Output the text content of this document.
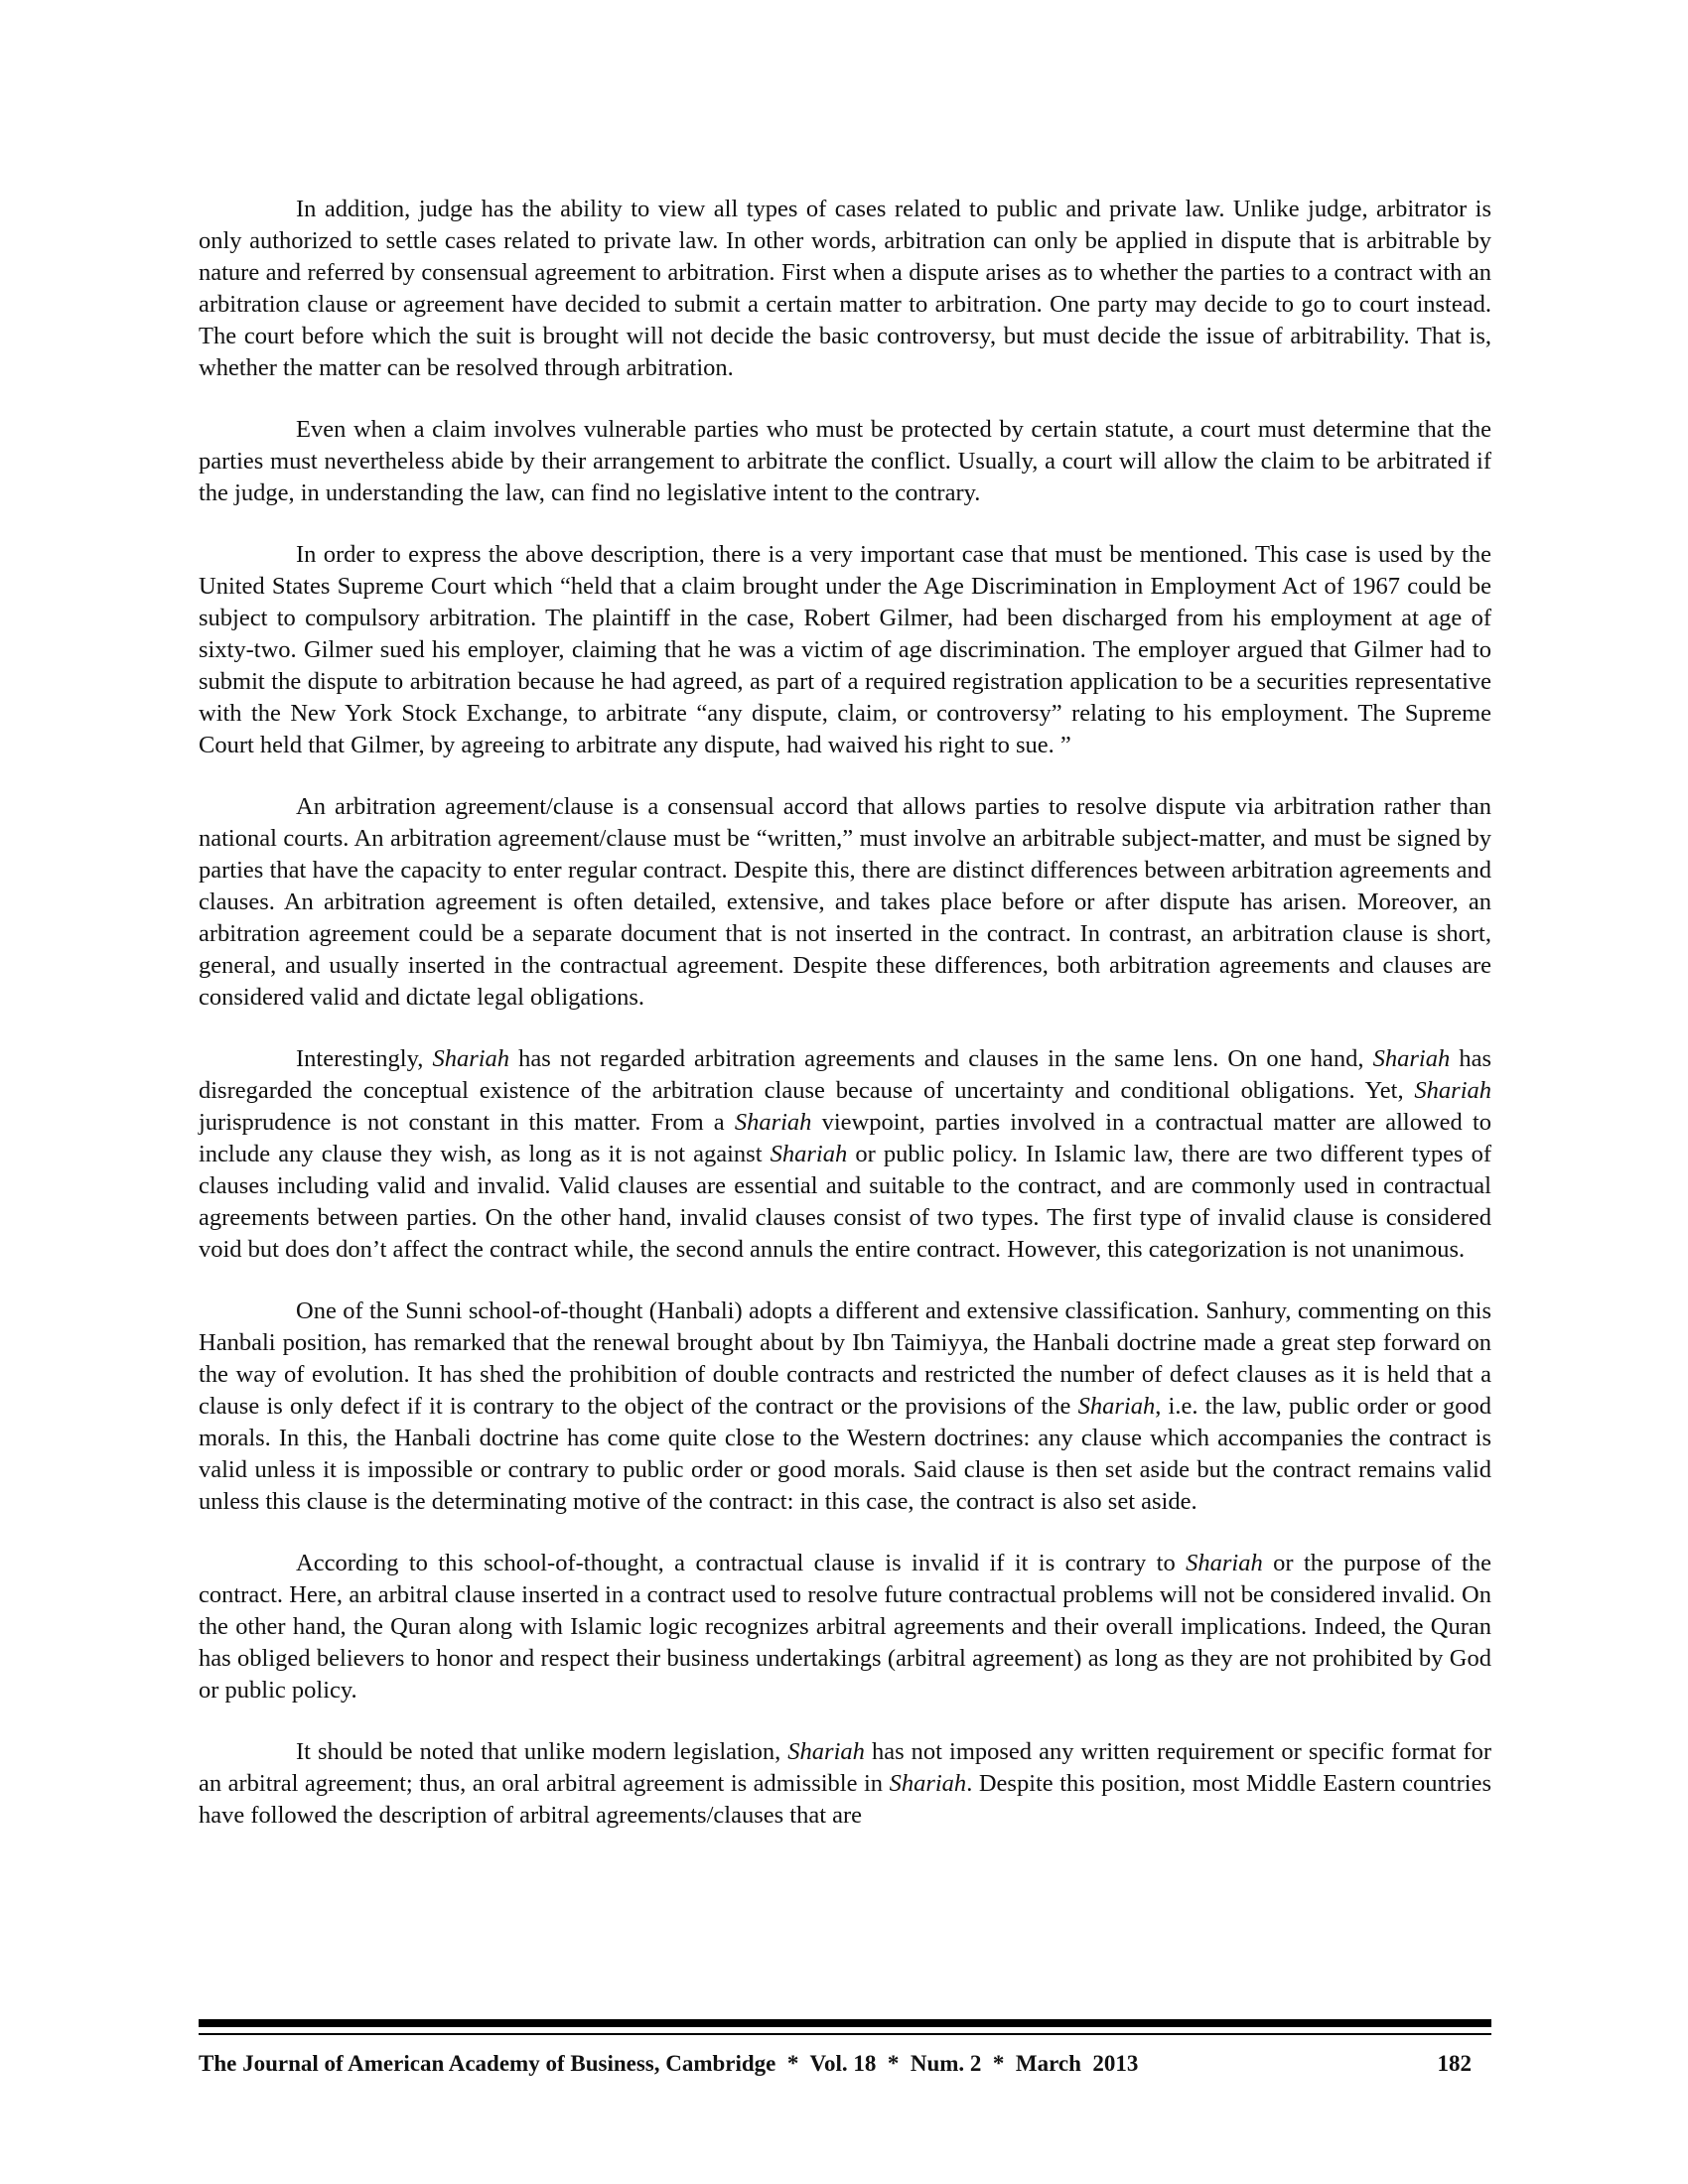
In addition, judge has the ability to view all types of cases related to public and private law. Unlike judge, arbitrator is only authorized to settle cases related to private law. In other words, arbitration can only be applied in dispute that is arbitrable by nature and referred by consensual agreement to arbitration. First when a dispute arises as to whether the parties to a contract with an arbitration clause or agreement have decided to submit a certain matter to arbitration. One party may decide to go to court instead. The court before which the suit is brought will not decide the basic controversy, but must decide the issue of arbitrability. That is, whether the matter can be resolved through arbitration.

Even when a claim involves vulnerable parties who must be protected by certain statute, a court must determine that the parties must nevertheless abide by their arrangement to arbitrate the conflict. Usually, a court will allow the claim to be arbitrated if the judge, in understanding the law, can find no legislative intent to the contrary.

In order to express the above description, there is a very important case that must be mentioned. This case is used by the United States Supreme Court which “held that a claim brought under the Age Discrimination in Employment Act of 1967 could be subject to compulsory arbitration. The plaintiff in the case, Robert Gilmer, had been discharged from his employment at age of sixty-two. Gilmer sued his employer, claiming that he was a victim of age discrimination. The employer argued that Gilmer had to submit the dispute to arbitration because he had agreed, as part of a required registration application to be a securities representative with the New York Stock Exchange, to arbitrate “any dispute, claim, or controversy” relating to his employment. The Supreme Court held that Gilmer, by agreeing to arbitrate any dispute, had waived his right to sue. ”

An arbitration agreement/clause is a consensual accord that allows parties to resolve dispute via arbitration rather than national courts. An arbitration agreement/clause must be “written,” must involve an arbitrable subject-matter, and must be signed by parties that have the capacity to enter regular contract. Despite this, there are distinct differences between arbitration agreements and clauses. An arbitration agreement is often detailed, extensive, and takes place before or after dispute has arisen. Moreover, an arbitration agreement could be a separate document that is not inserted in the contract. In contrast, an arbitration clause is short, general, and usually inserted in the contractual agreement. Despite these differences, both arbitration agreements and clauses are considered valid and dictate legal obligations.

Interestingly, Shariah has not regarded arbitration agreements and clauses in the same lens. On one hand, Shariah has disregarded the conceptual existence of the arbitration clause because of uncertainty and conditional obligations. Yet, Shariah jurisprudence is not constant in this matter. From a Shariah viewpoint, parties involved in a contractual matter are allowed to include any clause they wish, as long as it is not against Shariah or public policy. In Islamic law, there are two different types of clauses including valid and invalid. Valid clauses are essential and suitable to the contract, and are commonly used in contractual agreements between parties. On the other hand, invalid clauses consist of two types. The first type of invalid clause is considered void but does don’t affect the contract while, the second annuls the entire contract. However, this categorization is not unanimous.

One of the Sunni school-of-thought (Hanbali) adopts a different and extensive classification. Sanhury, commenting on this Hanbali position, has remarked that the renewal brought about by Ibn Taimiyya, the Hanbali doctrine made a great step forward on the way of evolution. It has shed the prohibition of double contracts and restricted the number of defect clauses as it is held that a clause is only defect if it is contrary to the object of the contract or the provisions of the Shariah, i.e. the law, public order or good morals. In this, the Hanbali doctrine has come quite close to the Western doctrines: any clause which accompanies the contract is valid unless it is impossible or contrary to public order or good morals. Said clause is then set aside but the contract remains valid unless this clause is the determinating motive of the contract: in this case, the contract is also set aside.

According to this school-of-thought, a contractual clause is invalid if it is contrary to Shariah or the purpose of the contract. Here, an arbitral clause inserted in a contract used to resolve future contractual problems will not be considered invalid. On the other hand, the Quran along with Islamic logic recognizes arbitral agreements and their overall implications. Indeed, the Quran has obliged believers to honor and respect their business undertakings (arbitral agreement) as long as they are not prohibited by God or public policy.

It should be noted that unlike modern legislation, Shariah has not imposed any written requirement or specific format for an arbitral agreement; thus, an oral arbitral agreement is admissible in Shariah. Despite this position, most Middle Eastern countries have followed the description of arbitral agreements/clauses that are

The Journal of American Academy of Business, Cambridge  *  Vol. 18  *  Num. 2  *  March  2013	182
